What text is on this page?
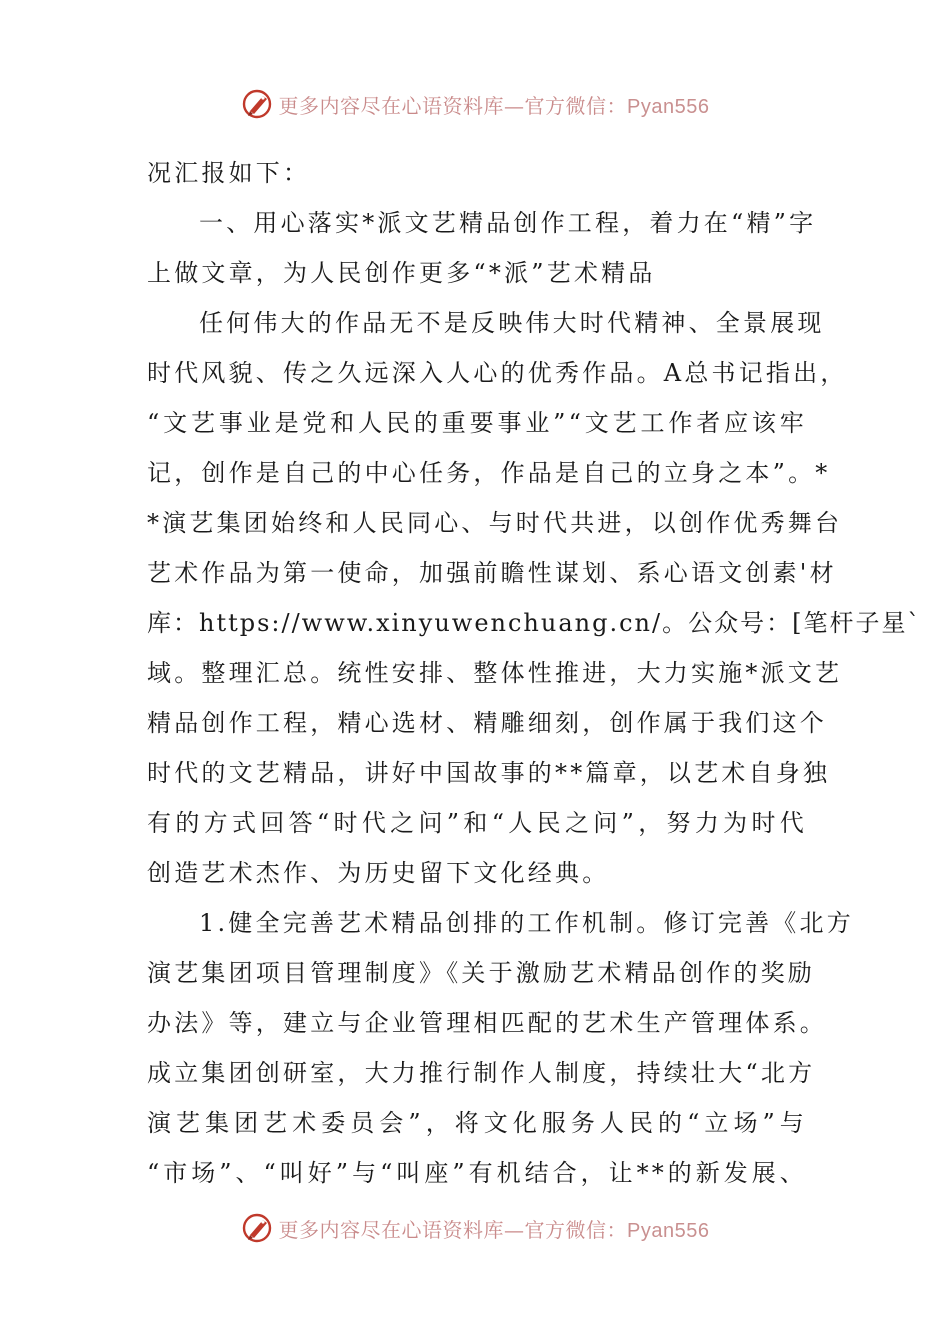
更多内容尽在心语资料库—官方微信：Pyan556
况汇报如下：
一、用心落实*派文艺精品创作工程，着力在“精”字
上做文章，为人民创作更多“*派”艺术精品
任何伟大的作品无不是反映伟大时代精神、全景展现
时代风貌、传之久远深入人心的优秀作品。A总书记指出，
“文艺事业是党和人民的重要事业”“文艺工作者应该牢
记，创作是自己的中心任务，作品是自己的立身之本”。*
*演艺集团始终和人民同心、与时代共进，以创作优秀舞台
艺术作品为第一使命，加强前瞻性谋划、系心语文创素'材
库：https://www.xinyuwenchuang.cn/。公众号：[笔杆子星`
域。整理汇总。统性安排、整体性推进，大力实施*派文艺
精品创作工程，精心选材、精雕细刻，创作属于我们这个
时代的文艺精品，讲好中国故事的**篇章，以艺术自身独
有的方式回答“时代之问”和“人民之问”，努力为时代
创造艺术杰作、为历史留下文化经典。
1.健全完善艺术精品创排的工作机制。修订完善《北方
演艺集团项目管理制度》《关于激励艺术精品创作的奖励
办法》等，建立与企业管理相匹配的艺术生产管理体系。
成立集团创研室，大力推行制作人制度，持续壮大“北方
演艺集团艺术委员会”，将文化服务人民的“立场”与
“市场”、“叫好”与“叫座”有机结合，让**的新发展、
更多内容尽在心语资料库—官方微信：Pyan556
